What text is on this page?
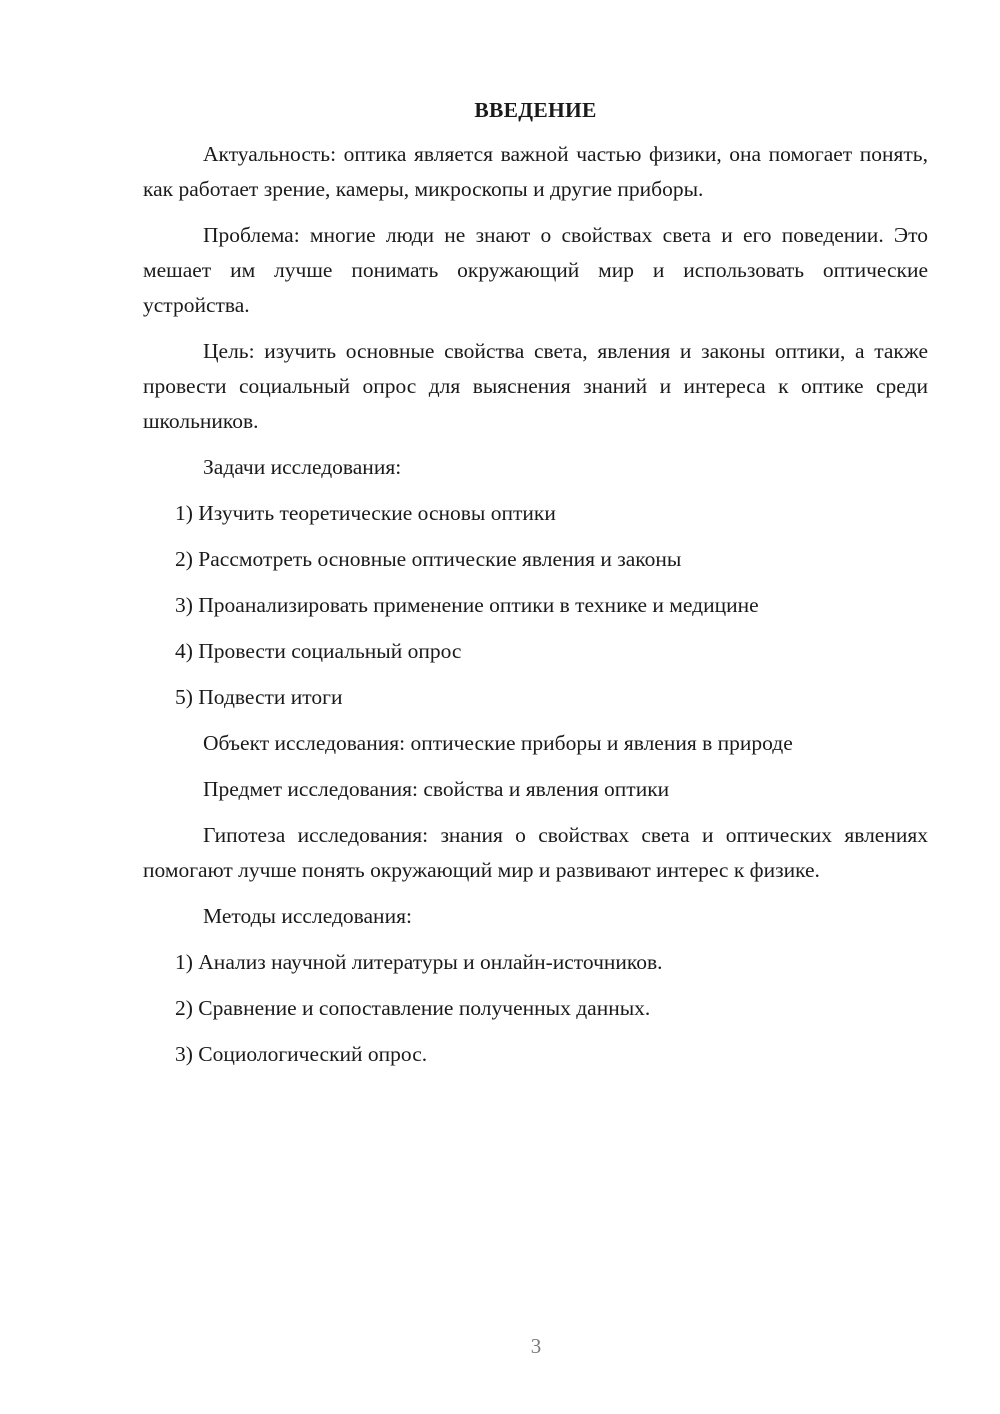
ВВЕДЕНИЕ

Актуальность: оптика является важной частью физики, она помогает понять, как работает зрение, камеры, микроскопы и другие приборы.

Проблема: многие люди не знают о свойствах света и его поведении. Это мешает им лучше понимать окружающий мир и использовать оптические устройства.

Цель: изучить основные свойства света, явления и законы оптики, а также провести социальный опрос для выяснения знаний и интереса к оптике среди школьников.

Задачи исследования:

1) Изучить теоретические основы оптики
2) Рассмотреть основные оптические явления и законы
3) Проанализировать применение оптики в технике и медицине
4) Провести социальный опрос
5) Подвести итоги

Объект исследования: оптические приборы и явления в природе

Предмет исследования: свойства и явления оптики

Гипотеза исследования: знания о свойствах света и оптических явлениях помогают лучше понять окружающий мир и развивают интерес к физике.

Методы исследования:

1) Анализ научной литературы и онлайн-источников.
2) Сравнение и сопоставление полученных данных.
3) Социологический опрос.
3
